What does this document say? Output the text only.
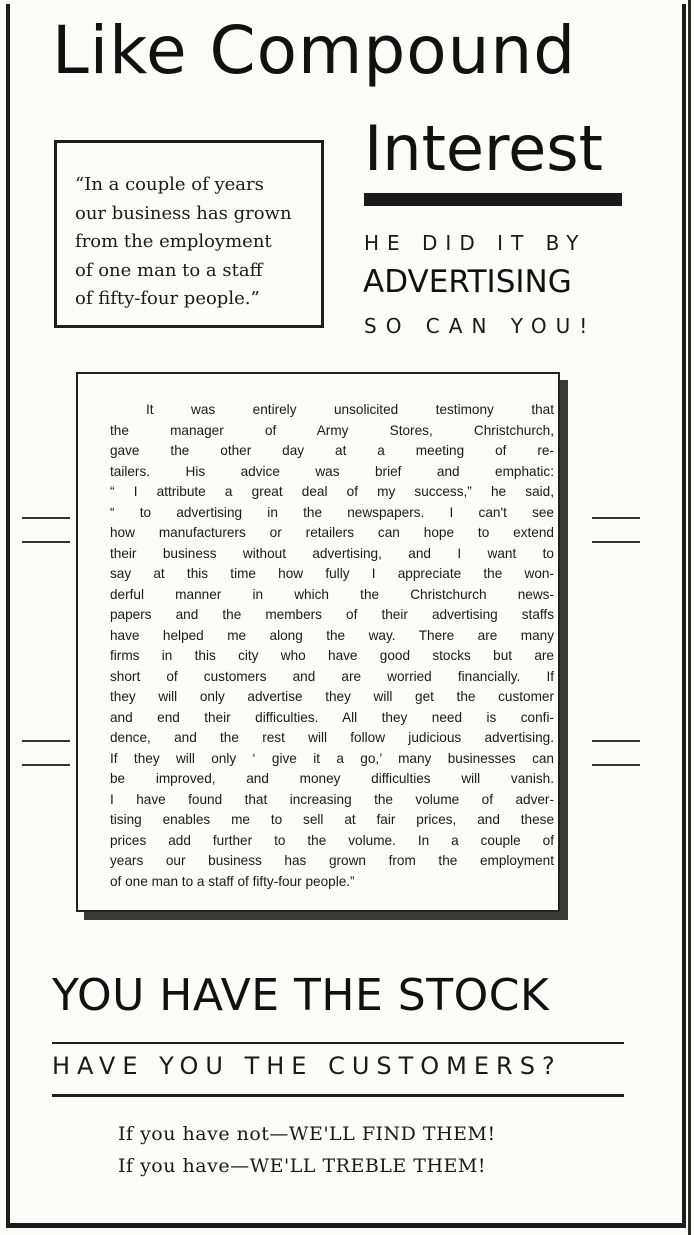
Like Compound
Interest
“In a couple of years
our business has grown
from the employment
of one man to a staff
of fifty-four people.”
HE DID IT BY
ADVERTISING
SO CAN YOU!
It was entirely unsolicited testimony that
the manager of Army Stores, Christchurch,
gave the other day at a meeting of re-
tailers. His advice was brief and emphatic:
“ I attribute a great deal of my success,” he said,
“ to advertising in the newspapers. I can't see
how manufacturers or retailers can hope to extend
their business without advertising, and I want to
say at this time how fully I appreciate the won-
derful manner in which the Christchurch news-
papers and the members of their advertising staffs
have helped me along the way. There are many
firms in this city who have good stocks but are
short of customers and are worried financially. If
they will only advertise they will get the customer
and end their difficulties. All they need is confi-
dence, and the rest will follow judicious advertising.
If they will only ‘ give it a go,’ many businesses can
be improved, and money difficulties will vanish.
I have found that increasing the volume of adver-
tising enables me to sell at fair prices, and these
prices add further to the volume. In a couple of
years our business has grown from the employment
of one man to a staff of fifty-four people.”
YOU HAVE THE STOCK
HAVE YOU THE CUSTOMERS?
If you have not—WE'LL FIND THEM!
If you have—WE'LL TREBLE THEM!
